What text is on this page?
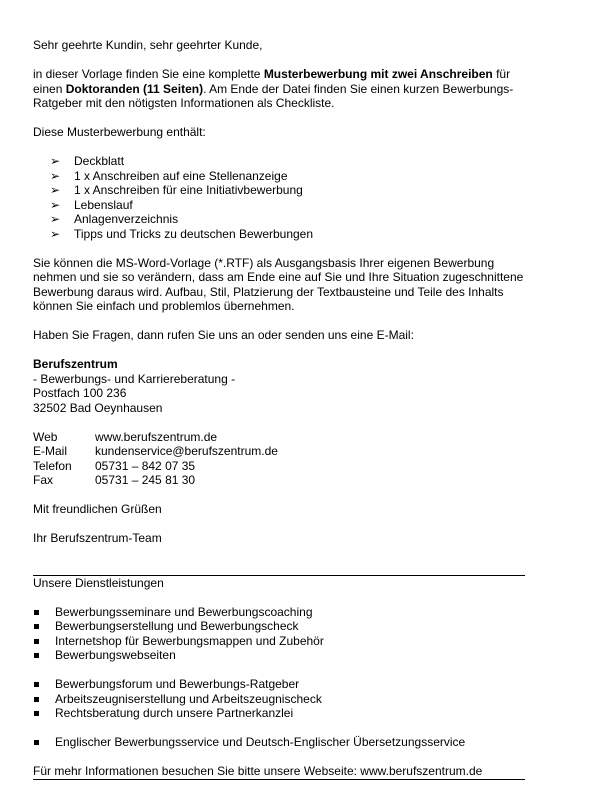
Sehr geehrte Kundin, sehr geehrter Kunde,

in dieser Vorlage finden Sie eine komplette Musterbewerbung mit zwei Anschreiben für einen Doktoranden (11 Seiten). Am Ende der Datei finden Sie einen kurzen Bewerbungs-Ratgeber mit den nötigsten Informationen als Checkliste.

Diese Musterbewerbung enthält:

➢ Deckblatt
➢ 1 x Anschreiben auf eine Stellenanzeige
➢ 1 x Anschreiben für eine Initiativbewerbung
➢ Lebenslauf
➢ Anlagenverzeichnis
➢ Tipps und Tricks zu deutschen Bewerbungen

Sie können die MS-Word-Vorlage (*.RTF) als Ausgangsbasis Ihrer eigenen Bewerbung nehmen und sie so verändern, dass am Ende eine auf Sie und Ihre Situation zugeschnittene Bewerbung daraus wird. Aufbau, Stil, Platzierung der Textbausteine und Teile des Inhalts können Sie einfach und problemlos übernehmen.

Haben Sie Fragen, dann rufen Sie uns an oder senden uns eine E-Mail:

Berufszentrum

- Bewerbungs- und Karriereberatung -

Postfach 100 236

32502 Bad Oeynhausen

Web	www.berufszentrum.de
E-Mail	kundenservice@berufszentrum.de
Telefon	05731 – 842 07 35
Fax	05731 – 245 81 30

Mit freundlichen Grüßen

Ihr Berufszentrum-Team

Unsere Dienstleistungen

Bewerbungsseminare und Bewerbungscoaching
Bewerbungserstellung und Bewerbungscheck
Internetshop für Bewerbungsmappen und Zubehör
Bewerbungswebseiten
Bewerbungsforum und Bewerbungs-Ratgeber
Arbeitszeugniserstellung und Arbeitszeugnischeck
Rechtsberatung durch unsere Partnerkanzlei
Englischer Bewerbungsservice und Deutsch-Englischer Übersetzungsservice

Für mehr Informationen besuchen Sie bitte unsere Webseite: www.berufszentrum.de
